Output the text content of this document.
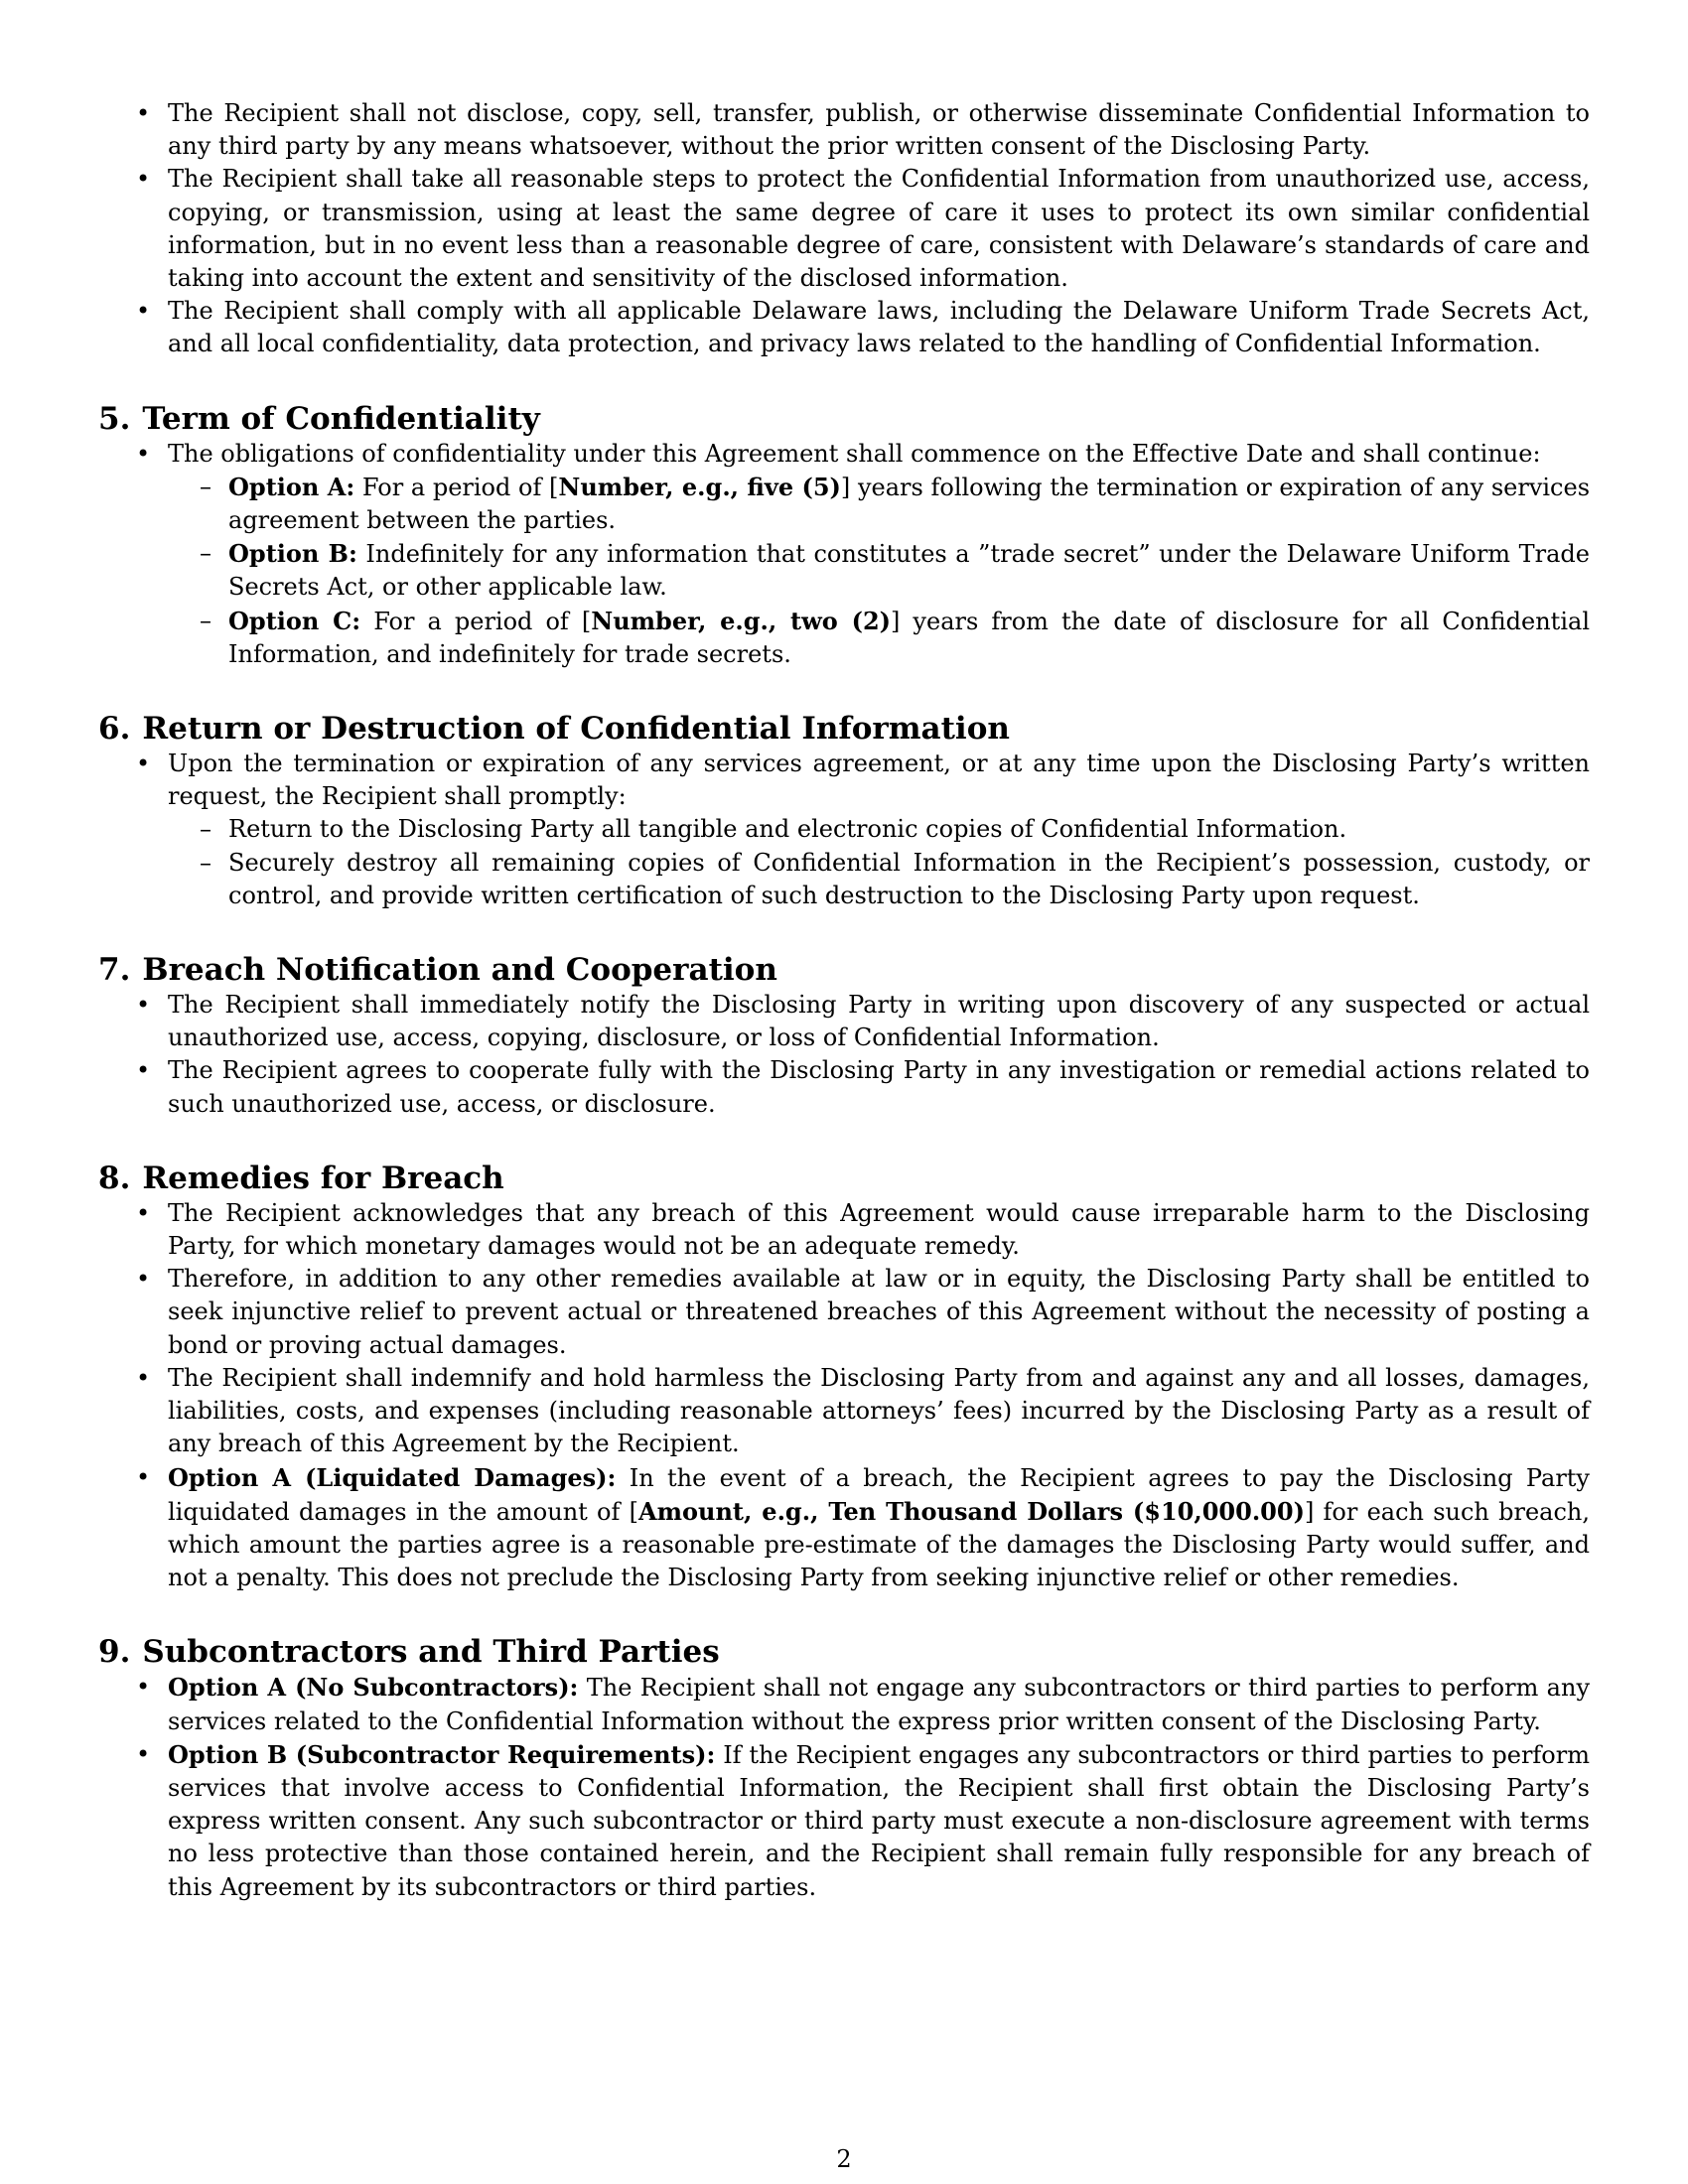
• The Recipient shall not disclose, copy, sell, transfer, publish, or otherwise disseminate Confidential Information to any third party by any means whatsoever, without the prior written consent of the Disclosing Party.
• The Recipient shall take all reasonable steps to protect the Confidential Information from unauthorized use, access, copying, or transmission, using at least the same degree of care it uses to protect its own similar confidential information, but in no event less than a reasonable degree of care, consistent with Delaware’s standards of care and taking into account the extent and sensitivity of the disclosed information.
• The Recipient shall comply with all applicable Delaware laws, including the Delaware Uniform Trade Secrets Act, and all local confidentiality, data protection, and privacy laws related to the handling of Confidential Information.
5. Term of Confidentiality
• The obligations of confidentiality under this Agreement shall commence on the Effective Date and shall continue:
– Option A: For a period of [Number, e.g., five (5)] years following the termination or expiration of any services agreement between the parties.
– Option B: Indefinitely for any information that constitutes a ”trade secret” under the Delaware Uniform Trade Secrets Act, or other applicable law.
– Option C: For a period of [Number, e.g., two (2)] years from the date of disclosure for all Confidential Information, and indefinitely for trade secrets.
6. Return or Destruction of Confidential Information
• Upon the termination or expiration of any services agreement, or at any time upon the Disclosing Party’s written request, the Recipient shall promptly:
– Return to the Disclosing Party all tangible and electronic copies of Confidential Information.
– Securely destroy all remaining copies of Confidential Information in the Recipient’s possession, custody, or control, and provide written certification of such destruction to the Disclosing Party upon request.
7. Breach Notification and Cooperation
• The Recipient shall immediately notify the Disclosing Party in writing upon discovery of any suspected or actual unauthorized use, access, copying, disclosure, or loss of Confidential Information.
• The Recipient agrees to cooperate fully with the Disclosing Party in any investigation or remedial actions related to such unauthorized use, access, or disclosure.
8. Remedies for Breach
• The Recipient acknowledges that any breach of this Agreement would cause irreparable harm to the Disclosing Party, for which monetary damages would not be an adequate remedy.
• Therefore, in addition to any other remedies available at law or in equity, the Disclosing Party shall be entitled to seek injunctive relief to prevent actual or threatened breaches of this Agreement without the necessity of posting a bond or proving actual damages.
• The Recipient shall indemnify and hold harmless the Disclosing Party from and against any and all losses, damages, liabilities, costs, and expenses (including reasonable attorneys’ fees) incurred by the Disclosing Party as a result of any breach of this Agreement by the Recipient.
• Option A (Liquidated Damages): In the event of a breach, the Recipient agrees to pay the Disclosing Party liquidated damages in the amount of [Amount, e.g., Ten Thousand Dollars ($10,000.00)] for each such breach, which amount the parties agree is a reasonable pre-estimate of the damages the Disclosing Party would suffer, and not a penalty. This does not preclude the Disclosing Party from seeking injunctive relief or other remedies.
9. Subcontractors and Third Parties
• Option A (No Subcontractors): The Recipient shall not engage any subcontractors or third parties to perform any services related to the Confidential Information without the express prior written consent of the Disclosing Party.
• Option B (Subcontractor Requirements): If the Recipient engages any subcontractors or third parties to perform services that involve access to Confidential Information, the Recipient shall first obtain the Disclosing Party’s express written consent. Any such subcontractor or third party must execute a non-disclosure agreement with terms no less protective than those contained herein, and the Recipient shall remain fully responsible for any breach of this Agreement by its subcontractors or third parties.
2
